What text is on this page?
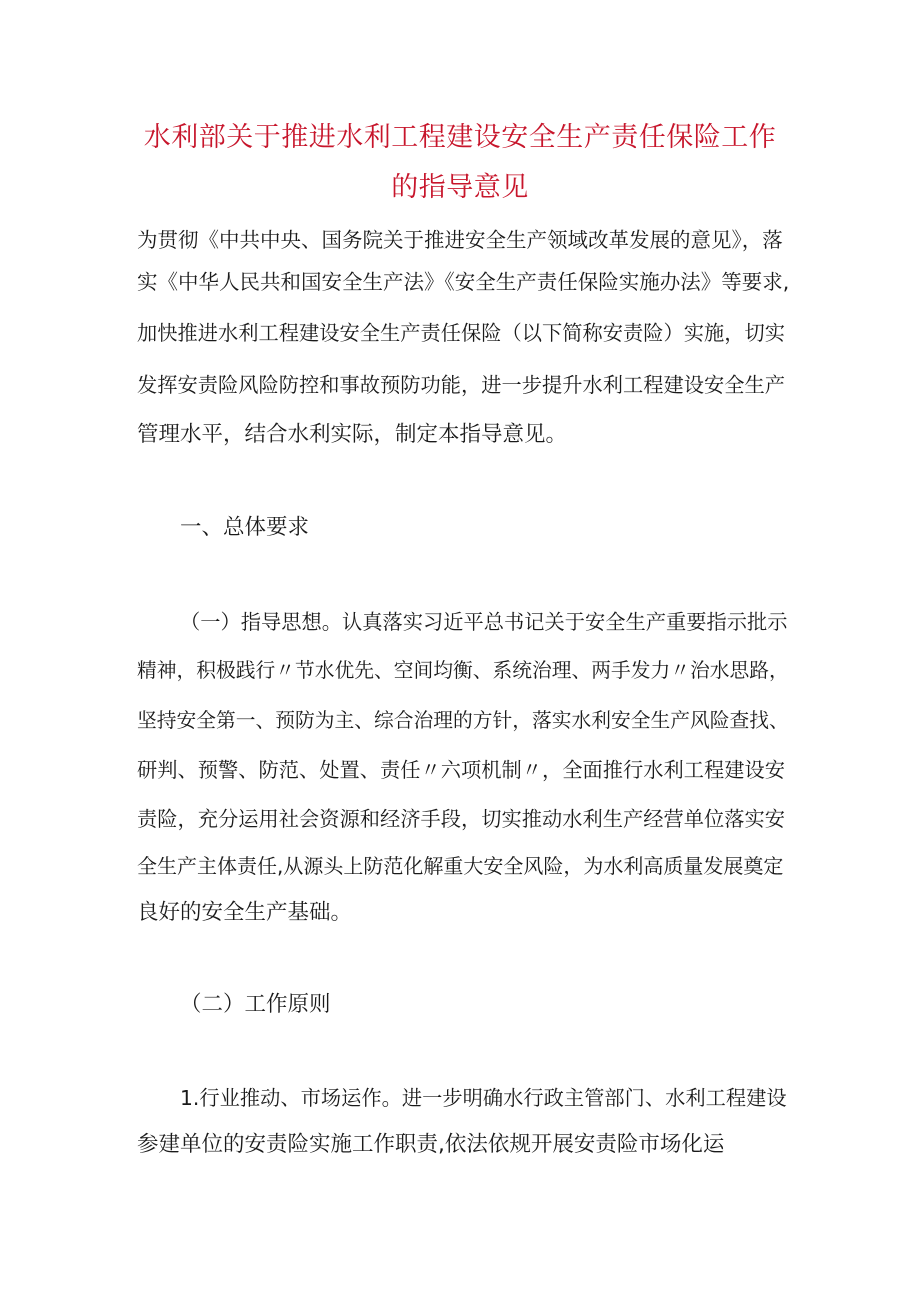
水利部关于推进水利工程建设安全生产责任保险工作
的指导意见
为贯彻《中共中央、国务院关于推进安全生产领域改革发展的意见》，落
实《中华人民共和国安全生产法》《安全生产责任保险实施办法》等要求,
加快推进水利工程建设安全生产责任保险（以下简称安责险）实施，切实
发挥安责险风险防控和事故预防功能，进一步提升水利工程建设安全生产
管理水平，结合水利实际，制定本指导意见。
一、总体要求
（一）指导思想。认真落实习近平总书记关于安全生产重要指示批示
精神，积极践行〃节水优先、空间均衡、系统治理、两手发力〃治水思路，
坚持安全第一、预防为主、综合治理的方针，落实水利安全生产风险查找、
研判、预警、防范、处置、责任〃六项机制〃，全面推行水利工程建设安
责险，充分运用社会资源和经济手段，切实推动水利生产经营单位落实安
全生产主体责任,从源头上防范化解重大安全风险，为水利高质量发展奠定
良好的安全生产基础。
（二）工作原则
1.行业推动、市场运作。进一步明确水行政主管部门、水利工程建设
参建单位的安责险实施工作职责,依法依规开展安责险市场化运
